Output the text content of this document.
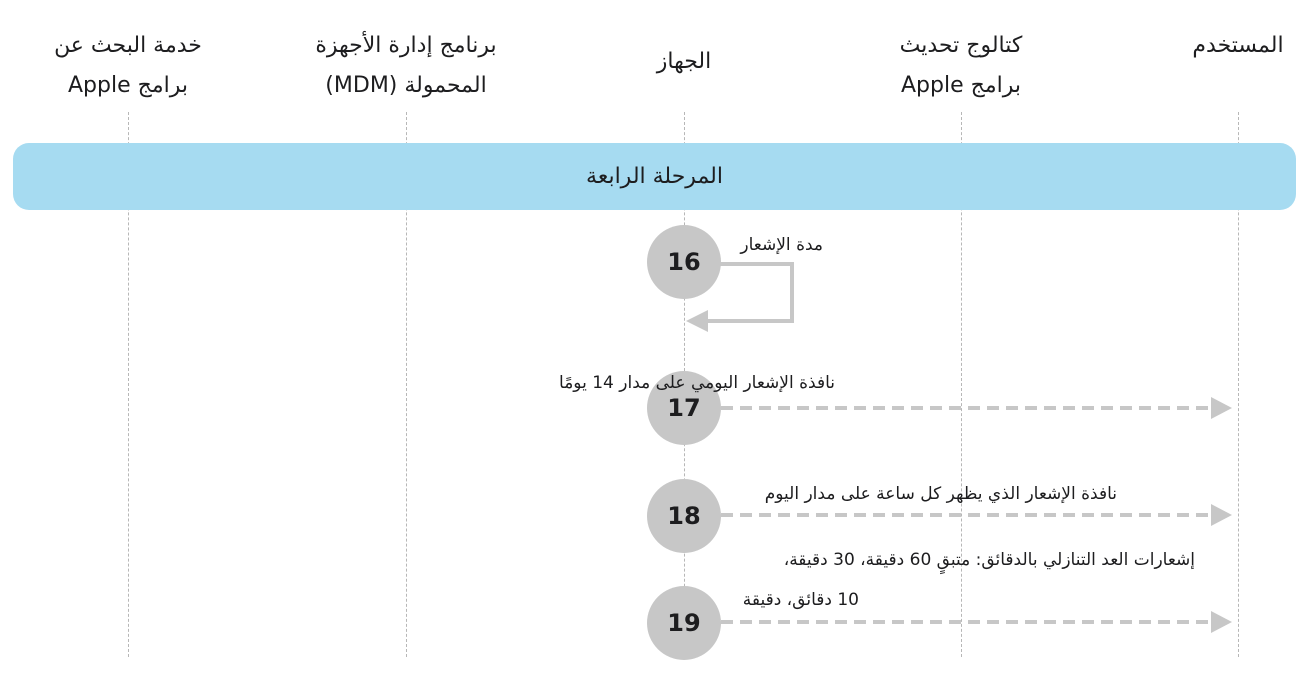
المستخدم
كتالوج تحديث
برامج Apple
الجهاز
برنامج إدارة الأجهزة
المحمولة (MDM)
خدمة البحث عن
برامج Apple
المرحلة الرابعة
16
17
18
19
مدة الإشعار
نافذة الإشعار اليومي على مدار 14 يومًا
نافذة الإشعار الذي يظهر كل ساعة على مدار اليوم
إشعارات العد التنازلي بالدقائق: متبقٍ 60 دقيقة، 30 دقيقة،
10 دقائق، دقيقة
